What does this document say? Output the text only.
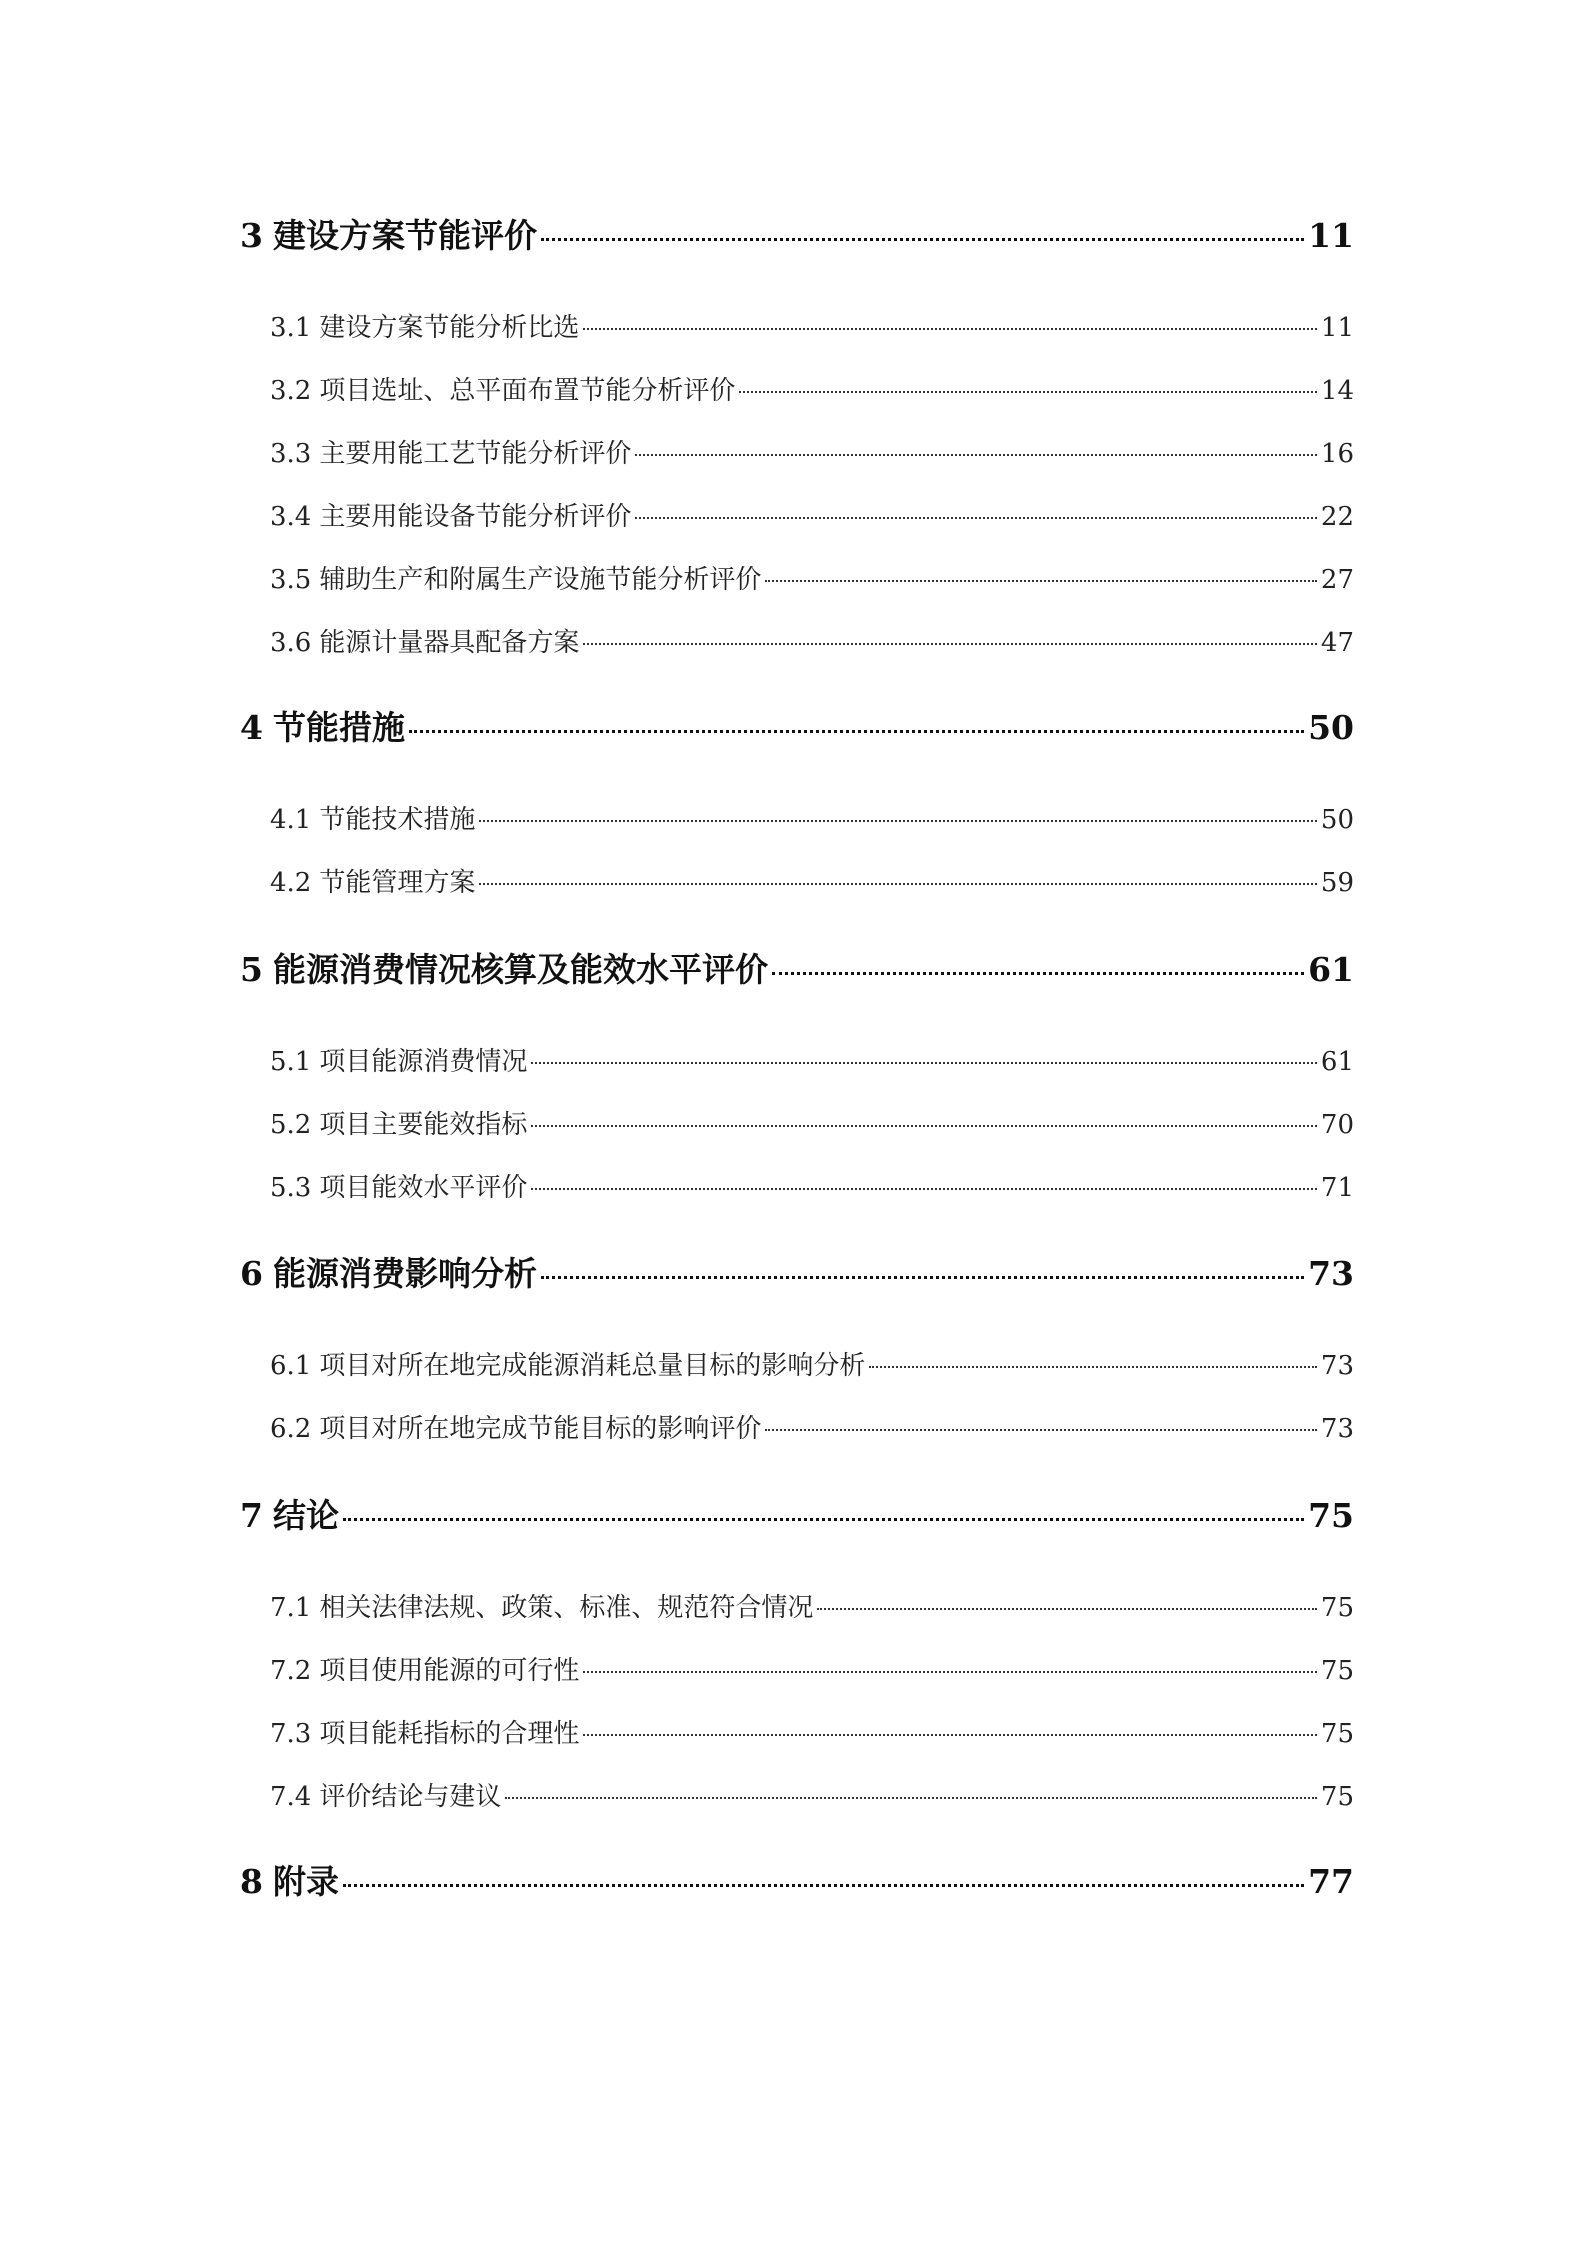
3 建设方案节能评价	11
3.1 建设方案节能分析比选	11
3.2 项目选址、总平面布置节能分析评价	14
3.3 主要用能工艺节能分析评价	16
3.4 主要用能设备节能分析评价	22
3.5 辅助生产和附属生产设施节能分析评价	27
3.6 能源计量器具配备方案	47
4 节能措施	50
4.1 节能技术措施	50
4.2 节能管理方案	59
5 能源消费情况核算及能效水平评价	61
5.1 项目能源消费情况	61
5.2 项目主要能效指标	70
5.3 项目能效水平评价	71
6 能源消费影响分析	73
6.1 项目对所在地完成能源消耗总量目标的影响分析	73
6.2 项目对所在地完成节能目标的影响评价	73
7 结论	75
7.1 相关法律法规、政策、标准、规范符合情况	75
7.2 项目使用能源的可行性	75
7.3 项目能耗指标的合理性	75
7.4 评价结论与建议	75
8 附录	77
